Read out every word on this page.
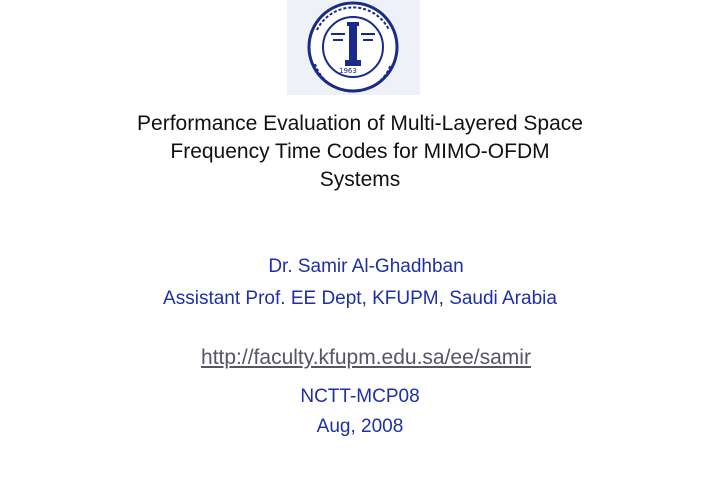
1963
Performance Evaluation of Multi-Layered Space
Frequency Time Codes for MIMO-OFDM
Systems
Dr. Samir Al-Ghadhban
Assistant Prof. EE Dept, KFUPM, Saudi Arabia
http://faculty.kfupm.edu.sa/ee/samir
NCTT-MCP08
Aug, 2008
